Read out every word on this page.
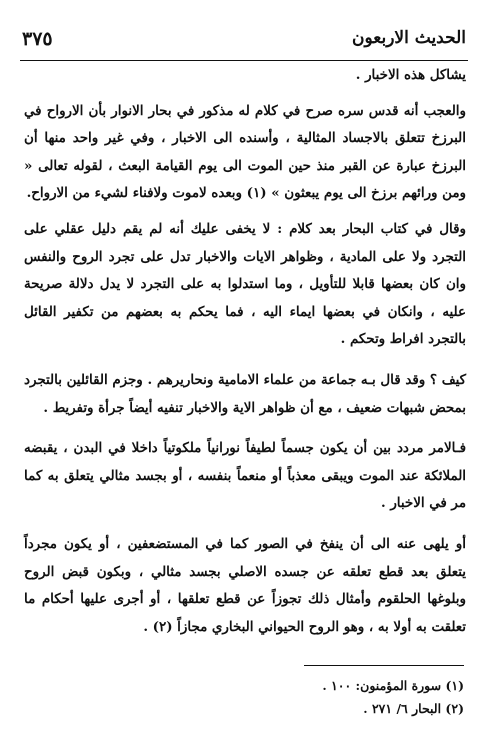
الحديث الاربعون
٣٧٥

يشاكل هذه الاخبار .

والعجب أنه قدس سره صرح في كلام له مذكور في بحار الانوار بأن الارواح في البرزخ تتعلق بالاجساد المثالية ، وأسنده الى الاخبار ، وفي غير واحد منها أن البرزخ عبارة عن القبر منذ حين الموت الى يوم القيامة البعث ، لقوله تعالى « ومن ورائهم برزخ الى يوم يبعثون » (١) وبعده لاموت ولافناء لشيء من الارواح.

وقال في كتاب البحار بعد كلام : لا يخفى عليك أنه لم يقم دليل عقلي على التجرد ولا على المادية ، وظواهر الايات والاخبار تدل على تجرد الروح والنفس وان كان بعضها قابلا للتأويل ، وما استدلوا به على التجرد لا يدل دلالة صريحة عليه ، وانكان في بعضها ايماء اليه ، فما يحكم به بعضهم من تكفير القائل بالتجرد افراط وتحكم .

كيف ؟ وقد قال بـه جماعة من علماء الامامية ونحاريرهم . وجزم القائلين بالتجرد بمحض شبهات ضعيف ، مع أن ظواهر الاية والاخبار تنفيه أيضاً جرأة وتفريط .

فـالامر مردد بين أن يكون جسماً لطيفاً نورانياً ملكوتياً داخلا في البدن ، يقبضه الملائكة عند الموت ويبقى معذباً أو منعماً بنفسه ، أو بجسد مثالي يتعلق به كما مر في الاخبار .

أو يلهى عنه الى أن ينفخ في الصور كما في المستضعفين ، أو يكون مجرداً يتعلق بعد قطع تعلقه عن جسده الاصلي بجسد مثالي ، وبكون قبض الروح وبلوغها الحلقوم وأمثال ذلك تجوزاً عن قطع تعلقها ، أو أجرى عليها أحكام ما تعلقت به أولا به ، وهو الروح الحيواني البخاري مجازاً (٢) .

(١) سورة المؤمنون: ١٠٠ .
(٢) البحار ٦/ ٢٧١ .
